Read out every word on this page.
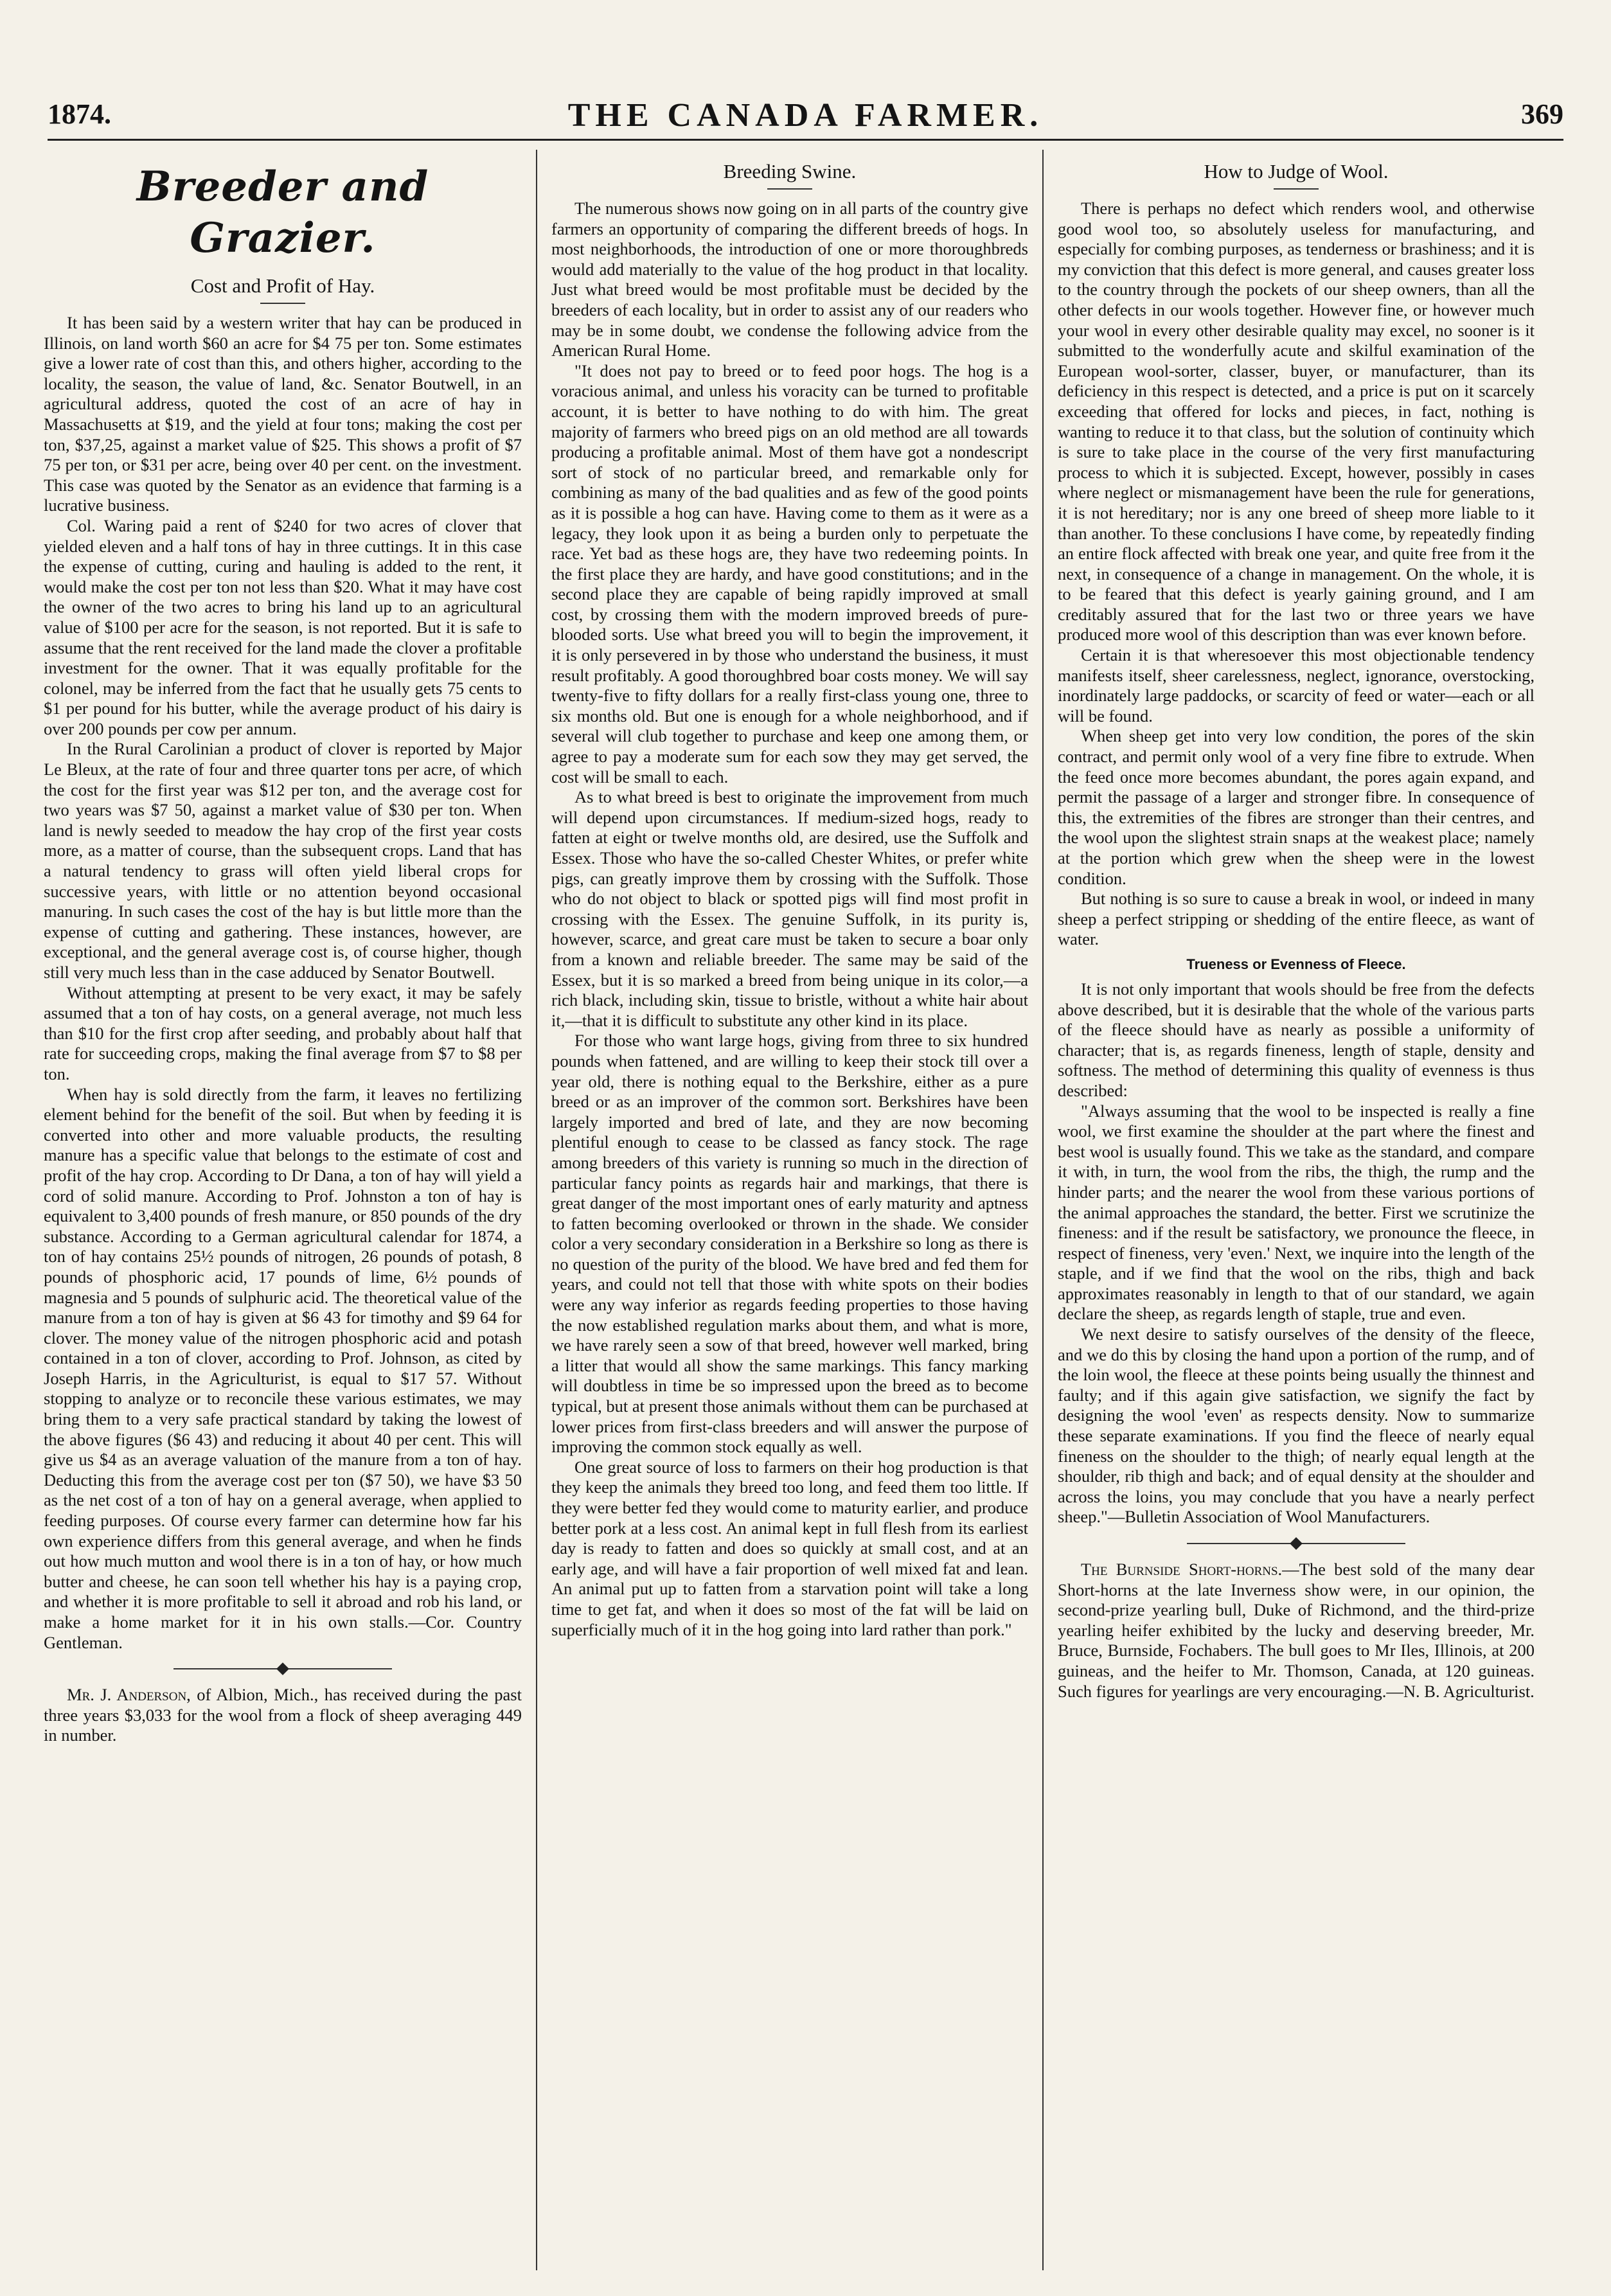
1874.	THE CANADA FARMER.	369
Breeder and Grazier.
Cost and Profit of Hay.

It has been said by a western writer that hay can be produced in Illinois, on land worth $60 an acre for $4 75 per ton. Some estimates give a lower rate of cost than this, and others higher, according to the locality, the season, the value of land, &c. Senator Boutwell, in an agricultural address, quoted the cost of an acre of hay in Massachusetts at $19, and the yield at four tons; making the cost per ton, $37,25, against a market value of $25. This shows a profit of $7 75 per ton, or $31 per acre, being over 40 per cent. on the investment. This case was quoted by the Senator as an evidence that farming is a lucrative business.

Col. Waring paid a rent of $240 for two acres of clover that yielded eleven and a half tons of hay in three cuttings. It in this case the expense of cutting, curing and hauling is added to the rent, it would make the cost per ton not less than $20. What it may have cost the owner of the two acres to bring his land up to an agricultural value of $100 per acre for the season, is not reported. But it is safe to assume that the rent received for the land made the clover a profitable investment for the owner. That it was equally profitable for the colonel, may be inferred from the fact that he usually gets 75 cents to $1 per pound for his butter, while the average product of his dairy is over 200 pounds per cow per annum.

In the Rural Carolinian a product of clover is reported by Major Le Bleux, at the rate of four and three quarter tons per acre, of which the cost for the first year was $12 per ton, and the average cost for two years was $7 50, against a market value of $30 per ton. When land is newly seeded to meadow the hay crop of the first year costs more, as a matter of course, than the subsequent crops. Land that has a natural tendency to grass will often yield liberal crops for successive years, with little or no attention beyond occasional manuring. In such cases the cost of the hay is but little more than the expense of cutting and gathering. These instances, however, are exceptional, and the general average cost is, of course higher, though still very much less than in the case adduced by Senator Boutwell.

Without attempting at present to be very exact, it may be safely assumed that a ton of hay costs, on a general average, not much less than $10 for the first crop after seeding, and probably about half that rate for succeeding crops, making the final average from $7 to $8 per ton.

When hay is sold directly from the farm, it leaves no fertilizing element behind for the benefit of the soil. But when by feeding it is converted into other and more valuable products, the resulting manure has a specific value that belongs to the estimate of cost and profit of the hay crop. According to Dr Dana, a ton of hay will yield a cord of solid manure. According to Prof. Johnston a ton of hay is equivalent to 3,400 pounds of fresh manure, or 850 pounds of the dry substance. According to a German agricultural calendar for 1874, a ton of hay contains 25½ pounds of nitrogen, 26 pounds of potash, 8 pounds of phosphoric acid, 17 pounds of lime, 6½ pounds of magnesia and 5 pounds of sulphuric acid. The theoretical value of the manure from a ton of hay is given at $6 43 for timothy and $9 64 for clover. The money value of the nitrogen phosphoric acid and potash contained in a ton of clover, according to Prof. Johnson, as cited by Joseph Harris, in the Agriculturist, is equal to $17 57. Without stopping to analyze or to reconcile these various estimates, we may bring them to a very safe practical standard by taking the lowest of the above figures ($6 43) and reducing it about 40 per cent. This will give us $4 as an average valuation of the manure from a ton of hay. Deducting this from the average cost per ton ($7 50), we have $3 50 as the net cost of a ton of hay on a general average, when applied to feeding purposes. Of course every farmer can determine how far his own experience differs from this general average, and when he finds out how much mutton and wool there is in a ton of hay, or how much butter and cheese, he can soon tell whether his hay is a paying crop, and whether it is more profitable to sell it abroad and rob his land, or make a home market for it in his own stalls.—Cor. Country Gentleman.

Mr. J. Anderson, of Albion, Mich., has received during the past three years $3,033 for the wool from a flock of sheep averaging 449 in number.

Breeding Swine.

The numerous shows now going on in all parts of the country give farmers an opportunity of comparing the different breeds of hogs. In most neighborhoods, the introduction of one or more thoroughbreds would add materially to the value of the hog product in that locality. Just what breed would be most profitable must be decided by the breeders of each locality, but in order to assist any of our readers who may be in some doubt, we condense the following advice from the American Rural Home.

"It does not pay to breed or to feed poor hogs. The hog is a voracious animal, and unless his voracity can be turned to profitable account, it is better to have nothing to do with him. The great majority of farmers who breed pigs on an old method are all towards producing a profitable animal. Most of them have got a nondescript sort of stock of no particular breed, and remarkable only for combining as many of the bad qualities and as few of the good points as it is possible a hog can have. Having come to them as it were as a legacy, they look upon it as being a burden only to perpetuate the race. Yet bad as these hogs are, they have two redeeming points. In the first place they are hardy, and have good constitutions; and in the second place they are capable of being rapidly improved at small cost, by crossing them with the modern improved breeds of pure-blooded sorts. Use what breed you will to begin the improvement, it it is only persevered in by those who understand the business, it must result profitably. A good thoroughbred boar costs money. We will say twenty-five to fifty dollars for a really first-class young one, three to six months old. But one is enough for a whole neighborhood, and if several will club together to purchase and keep one among them, or agree to pay a moderate sum for each sow they may get served, the cost will be small to each.

As to what breed is best to originate the improvement from much will depend upon circumstances. If medium-sized hogs, ready to fatten at eight or twelve months old, are desired, use the Suffolk and Essex. Those who have the so-called Chester Whites, or prefer white pigs, can greatly improve them by crossing with the Suffolk. Those who do not object to black or spotted pigs will find most profit in crossing with the Essex. The genuine Suffolk, in its purity is, however, scarce, and great care must be taken to secure a boar only from a known and reliable breeder. The same may be said of the Essex, but it is so marked a breed from being unique in its color,—a rich black, including skin, tissue to bristle, without a white hair about it,—that it is difficult to substitute any other kind in its place.

For those who want large hogs, giving from three to six hundred pounds when fattened, and are willing to keep their stock till over a year old, there is nothing equal to the Berkshire, either as a pure breed or as an improver of the common sort. Berkshires have been largely imported and bred of late, and they are now becoming plentiful enough to cease to be classed as fancy stock. The rage among breeders of this variety is running so much in the direction of particular fancy points as regards hair and markings, that there is great danger of the most important ones of early maturity and aptness to fatten becoming overlooked or thrown in the shade. We consider color a very secondary consideration in a Berkshire so long as there is no question of the purity of the blood. We have bred and fed them for years, and could not tell that those with white spots on their bodies were any way inferior as regards feeding properties to those having the now established regulation marks about them, and what is more, we have rarely seen a sow of that breed, however well marked, bring a litter that would all show the same markings. This fancy marking will doubtless in time be so impressed upon the breed as to become typical, but at present those animals without them can be purchased at lower prices from first-class breeders and will answer the purpose of improving the common stock equally as well.

One great source of loss to farmers on their hog production is that they keep the animals they breed too long, and feed them too little. If they were better fed they would come to maturity earlier, and produce better pork at a less cost. An animal kept in full flesh from its earliest day is ready to fatten and does so quickly at small cost, and at an early age, and will have a fair proportion of well mixed fat and lean. An animal put up to fatten from a starvation point will take a long time to get fat, and when it does so most of the fat will be laid on superficially much of it in the hog going into lard rather than pork."

How to Judge of Wool.

There is perhaps no defect which renders wool, and otherwise good wool too, so absolutely useless for manufacturing, and especially for combing purposes, as tenderness or brashiness; and it is my conviction that this defect is more general, and causes greater loss to the country through the pockets of our sheep owners, than all the other defects in our wools together. However fine, or however much your wool in every other desirable quality may excel, no sooner is it submitted to the wonderfully acute and skilful examination of the European wool-sorter, classer, buyer, or manufacturer, than its deficiency in this respect is detected, and a price is put on it scarcely exceeding that offered for locks and pieces, in fact, nothing is wanting to reduce it to that class, but the solution of continuity which is sure to take place in the course of the very first manufacturing process to which it is subjected. Except, however, possibly in cases where neglect or mismanagement have been the rule for generations, it is not hereditary; nor is any one breed of sheep more liable to it than another. To these conclusions I have come, by repeatedly finding an entire flock affected with break one year, and quite free from it the next, in consequence of a change in management. On the whole, it is to be feared that this defect is yearly gaining ground, and I am creditably assured that for the last two or three years we have produced more wool of this description than was ever known before.

Certain it is that wheresoever this most objectionable tendency manifests itself, sheer carelessness, neglect, ignorance, overstocking, inordinately large paddocks, or scarcity of feed or water—each or all will be found.

When sheep get into very low condition, the pores of the skin contract, and permit only wool of a very fine fibre to extrude. When the feed once more becomes abundant, the pores again expand, and permit the passage of a larger and stronger fibre. In consequence of this, the extremities of the fibres are stronger than their centres, and the wool upon the slightest strain snaps at the weakest place; namely at the portion which grew when the sheep were in the lowest condition.

But nothing is so sure to cause a break in wool, or indeed in many sheep a perfect stripping or shedding of the entire fleece, as want of water.

Trueness or Evenness of Fleece.

It is not only important that wools should be free from the defects above described, but it is desirable that the whole of the various parts of the fleece should have as nearly as possible a uniformity of character; that is, as regards fineness, length of staple, density and softness. The method of determining this quality of evenness is thus described:

"Always assuming that the wool to be inspected is really a fine wool, we first examine the shoulder at the part where the finest and best wool is usually found. This we take as the standard, and compare it with, in turn, the wool from the ribs, the thigh, the rump and the hinder parts; and the nearer the wool from these various portions of the animal approaches the standard, the better. First we scrutinize the fineness: and if the result be satisfactory, we pronounce the fleece, in respect of fineness, very 'even.' Next, we inquire into the length of the staple, and if we find that the wool on the ribs, thigh and back approximates reasonably in length to that of our standard, we again declare the sheep, as regards length of staple, true and even.

We next desire to satisfy ourselves of the density of the fleece, and we do this by closing the hand upon a portion of the rump, and of the loin wool, the fleece at these points being usually the thinnest and faulty; and if this again give satisfaction, we signify the fact by designing the wool 'even' as respects density. Now to summarize these separate examinations. If you find the fleece of nearly equal fineness on the shoulder to the thigh; of nearly equal length at the shoulder, rib thigh and back; and of equal density at the shoulder and across the loins, you may conclude that you have a nearly perfect sheep."—Bulletin Association of Wool Manufacturers.

The Burnside Short-horns.—The best sold of the many dear Short-horns at the late Inverness show were, in our opinion, the second-prize yearling bull, Duke of Richmond, and the third-prize yearling heifer exhibited by the lucky and deserving breeder, Mr. Bruce, Burnside, Fochabers. The bull goes to Mr Iles, Illinois, at 200 guineas, and the heifer to Mr. Thomson, Canada, at 120 guineas. Such figures for yearlings are very encouraging.—N. B. Agriculturist.
